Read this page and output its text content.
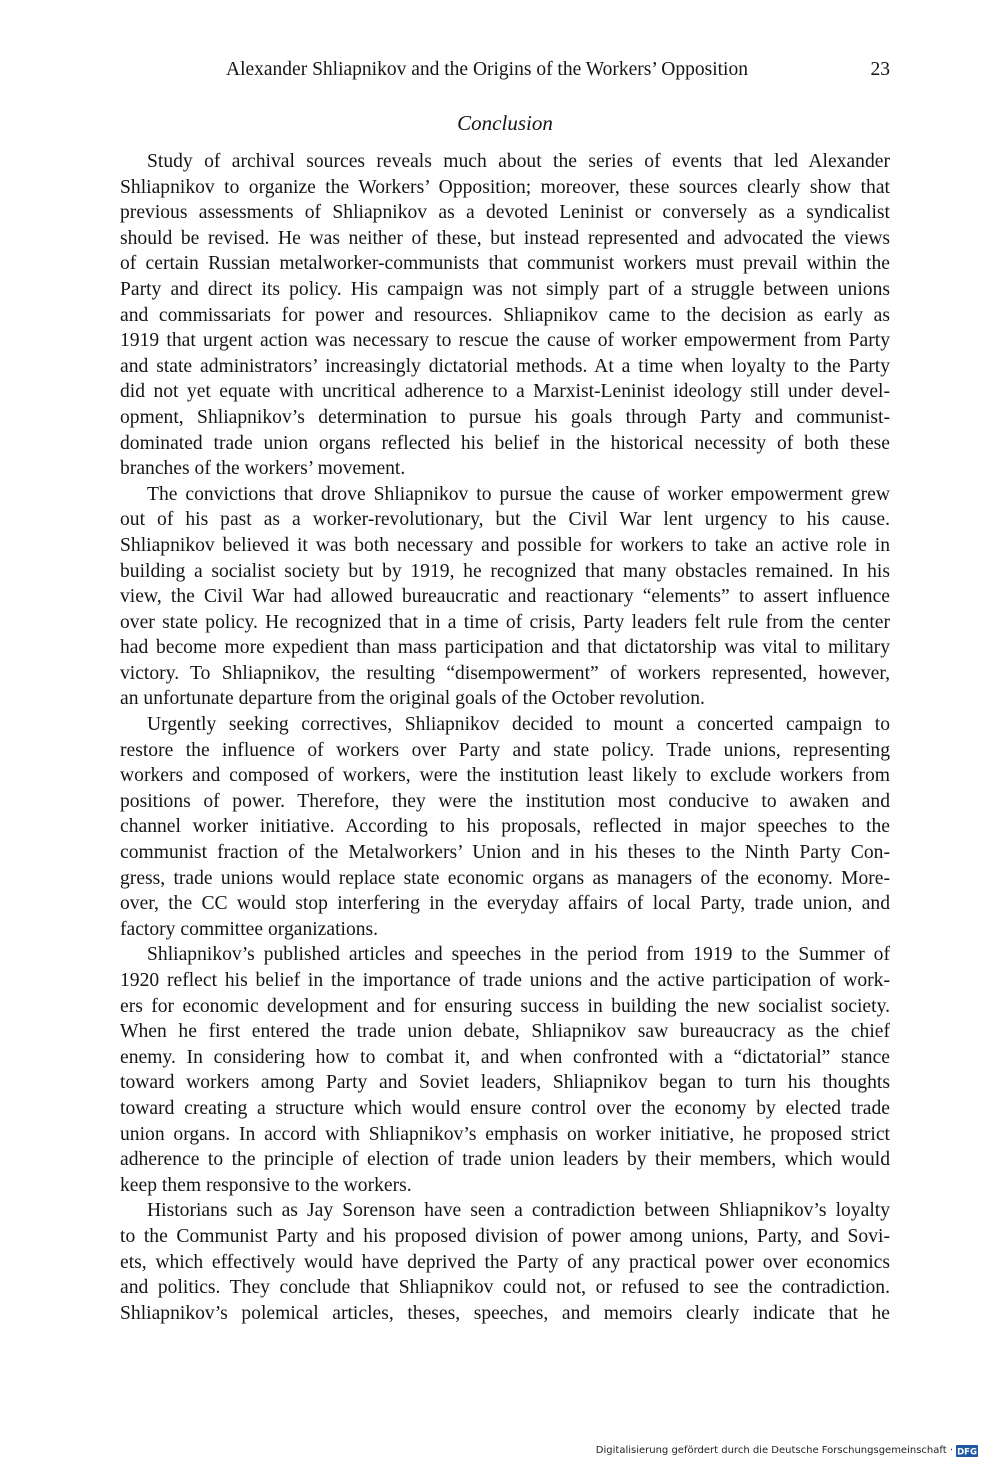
Alexander Shliapnikov and the Origins of the Workers’ Opposition	23
Conclusion
Study of archival sources reveals much about the series of events that led Alexander
Shliapnikov to organize the Workers’ Opposition; moreover, these sources clearly show that
previous assessments of Shliapnikov as a devoted Leninist or conversely as a syndicalist
should be revised. He was neither of these, but instead represented and advocated the views
of certain Russian metalworker-communists that communist workers must prevail within the
Party and direct its policy. His campaign was not simply part of a struggle between unions
and commissariats for power and resources. Shliapnikov came to the decision as early as
1919 that urgent action was necessary to rescue the cause of worker empowerment from Party
and state administrators’ increasingly dictatorial methods. At a time when loyalty to the Party
did not yet equate with uncritical adherence to a Marxist-Leninist ideology still under devel-
opment, Shliapnikov’s determination to pursue his goals through Party and communist-
dominated trade union organs reflected his belief in the historical necessity of both these
branches of the workers’ movement.
The convictions that drove Shliapnikov to pursue the cause of worker empowerment grew
out of his past as a worker-revolutionary, but the Civil War lent urgency to his cause.
Shliapnikov believed it was both necessary and possible for workers to take an active role in
building a socialist society but by 1919, he recognized that many obstacles remained. In his
view, the Civil War had allowed bureaucratic and reactionary “elements” to assert influence
over state policy. He recognized that in a time of crisis, Party leaders felt rule from the center
had become more expedient than mass participation and that dictatorship was vital to military
victory. To Shliapnikov, the resulting “disempowerment” of workers represented, however,
an unfortunate departure from the original goals of the October revolution.
Urgently seeking correctives, Shliapnikov decided to mount a concerted campaign to
restore the influence of workers over Party and state policy. Trade unions, representing
workers and composed of workers, were the institution least likely to exclude workers from
positions of power. Therefore, they were the institution most conducive to awaken and
channel worker initiative. According to his proposals, reflected in major speeches to the
communist fraction of the Metalworkers’ Union and in his theses to the Ninth Party Con-
gress, trade unions would replace state economic organs as managers of the economy. More-
over, the CC would stop interfering in the everyday affairs of local Party, trade union, and
factory committee organizations.
Shliapnikov’s published articles and speeches in the period from 1919 to the Summer of
1920 reflect his belief in the importance of trade unions and the active participation of work-
ers for economic development and for ensuring success in building the new socialist society.
When he first entered the trade union debate, Shliapnikov saw bureaucracy as the chief
enemy. In considering how to combat it, and when confronted with a “dictatorial” stance
toward workers among Party and Soviet leaders, Shliapnikov began to turn his thoughts
toward creating a structure which would ensure control over the economy by elected trade
union organs. In accord with Shliapnikov’s emphasis on worker initiative, he proposed strict
adherence to the principle of election of trade union leaders by their members, which would
keep them responsive to the workers.
Historians such as Jay Sorenson have seen a contradiction between Shliapnikov’s loyalty
to the Communist Party and his proposed division of power among unions, Party, and Sovi-
ets, which effectively would have deprived the Party of any practical power over economics
and politics. They conclude that Shliapnikov could not, or refused to see the contradiction.
Shliapnikov’s polemical articles, theses, speeches, and memoirs clearly indicate that he
Digitalisierung gefördert durch die Deutsche Forschungsgemeinschaft · DFG
